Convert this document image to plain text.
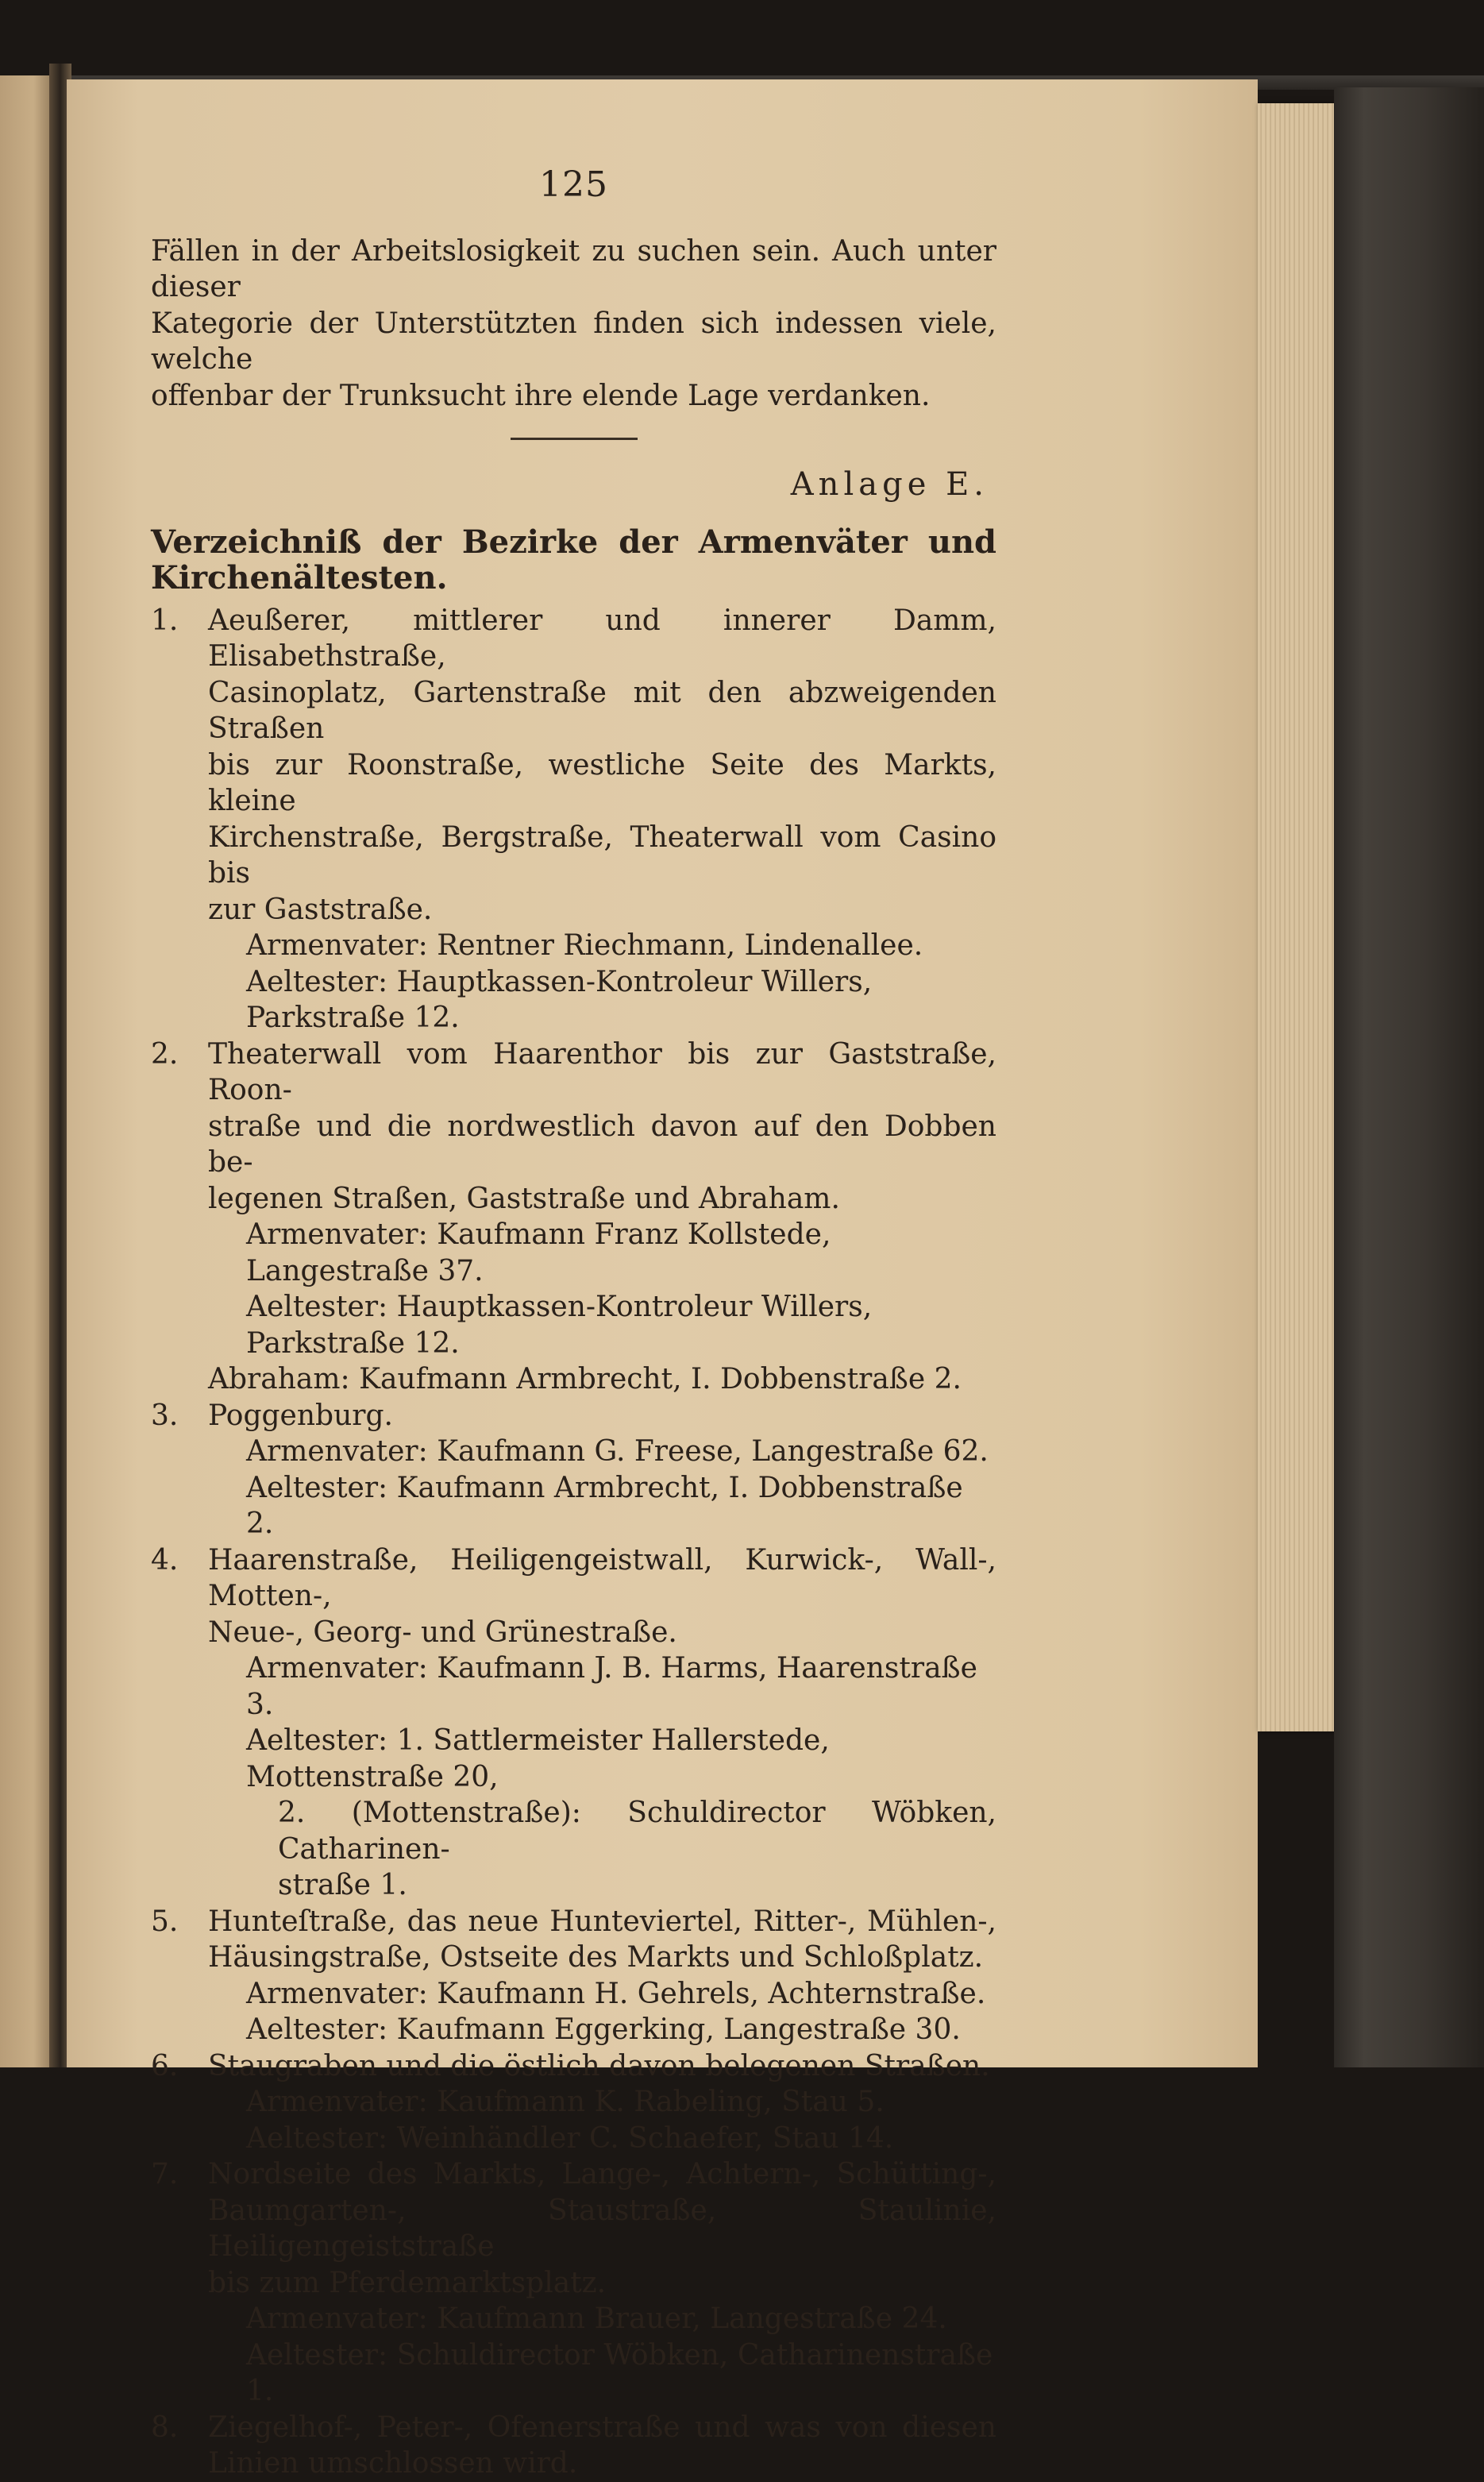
125

Fällen in der Arbeitslosigkeit zu suchen sein. Auch unter dieser
Kategorie der Unterstützten finden sich indessen viele, welche
offenbar der Trunksucht ihre elende Lage verdanken.

Anlage E.
Verzeichniß der Bezirke der Armenväter und Kirchenältesten.
1.	Aeußerer, mittlerer und innerer Damm, Elisabethstraße,
Casinoplatz, Gartenstraße mit den abzweigenden Straßen
bis zur Roonstraße, westliche Seite des Markts, kleine
Kirchenstraße, Bergstraße, Theaterwall vom Casino bis
zur Gaststraße.
Armenvater: Rentner Riechmann, Lindenallee.
Aeltester: Hauptkassen-Kontroleur Willers, Parkstraße 12.
2.	Theaterwall vom Haarenthor bis zur Gaststraße, Roon-
straße und die nordwestlich davon auf den Dobben be-
legenen Straßen, Gaststraße und Abraham.
Armenvater: Kaufmann Franz Kollstede, Langestraße 37.
Aeltester: Hauptkassen-Kontroleur Willers, Parkstraße 12.
Abraham: Kaufmann Armbrecht, I. Dobbenstraße 2.
3.	Poggenburg.
Armenvater: Kaufmann G. Freese, Langestraße 62.
Aeltester: Kaufmann Armbrecht, I. Dobbenstraße 2.
4.	Haarenstraße, Heiligengeistwall, Kurwick-, Wall-, Motten-,
Neue-, Georg- und Grünestraße.
Armenvater: Kaufmann J. B. Harms, Haarenstraße 3.
Aeltester: 1. Sattlermeister Hallerstede, Mottenstraße 20,
2. (Mottenstraße): Schuldirector Wöbken, Catharinen-
straße 1.
5.	Hunteſtraße, das neue Hunteviertel, Ritter-, Mühlen-,
Häusingstraße, Ostseite des Markts und Schloßplatz.
Armenvater: Kaufmann H. Gehrels, Achternstraße.
Aeltester: Kaufmann Eggerking, Langestraße 30.
6.	Staugraben und die östlich davon belegenen Straßen.
Armenvater: Kaufmann K. Rabeling, Stau 5.
Aeltester: Weinhändler C. Schaefer, Stau 14.
7.	Nordseite des Markts, Lange-, Achtern-, Schütting-,
Baumgarten-, Staustraße, Staulinie, Heiligengeiststraße
bis zum Pferdemarktsplatz.
Armenvater: Kaufmann Brauer, Langestraße 24.
Aeltester: Schuldirector Wöbken, Catharinenstraße 1.
8.	Ziegelhof-, Peter-, Ofenerstraße und was von diesen
Linien umschlossen wird.
